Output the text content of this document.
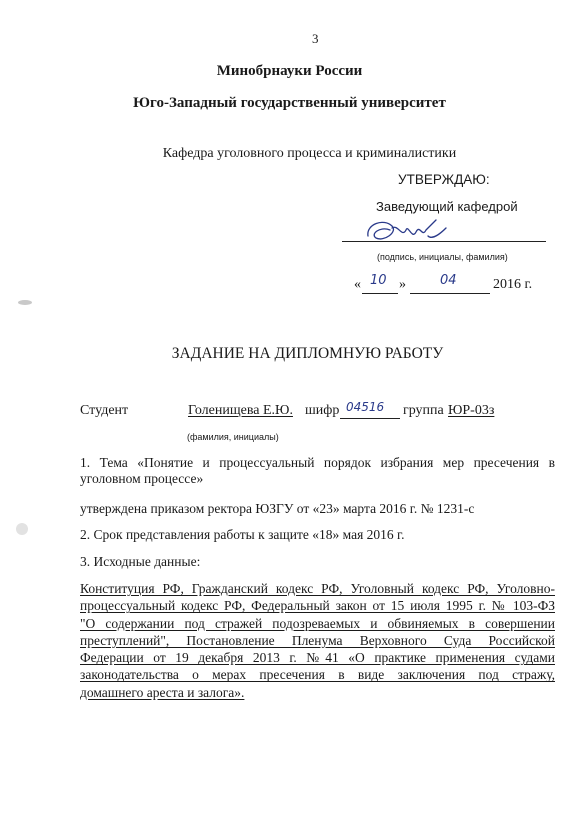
3
Минобрнауки России
Юго-Западный государственный университет
Кафедра уголовного процесса и криминалистики
УТВЕРЖДАЮ:
Заведующий кафедрой
(подпись, инициалы, фамилия)
« 10 »	04	2016 г.
ЗАДАНИЕ НА ДИПЛОМНУЮ РАБОТУ
Студент	Голенищева Е.Ю. шифр 04516 группа ЮР-03з
(фамилия, инициалы)
1. Тема «Понятие и процессуальный порядок избрания мер пресечения в
уголовном процессе»
утверждена приказом ректора ЮЗГУ от «23» марта 2016 г. № 1231-с
2. Срок представления работы к защите «18» мая 2016 г.
3. Исходные данные:
Конституция РФ, Гражданский кодекс РФ, Уголовный кодекс РФ, Уголовно-
процессуальный кодекс РФ, Федеральный закон от 15 июля 1995 г. № 103-ФЗ
"О содержании под стражей подозреваемых и обвиняемых в совершении
преступлений", Постановление Пленума Верховного Суда Российской
Федерации от 19 декабря 2013 г. №41 «О практике применения судами
законодательства о мерах пресечения в виде заключения под стражу,
домашнего ареста и залога».
